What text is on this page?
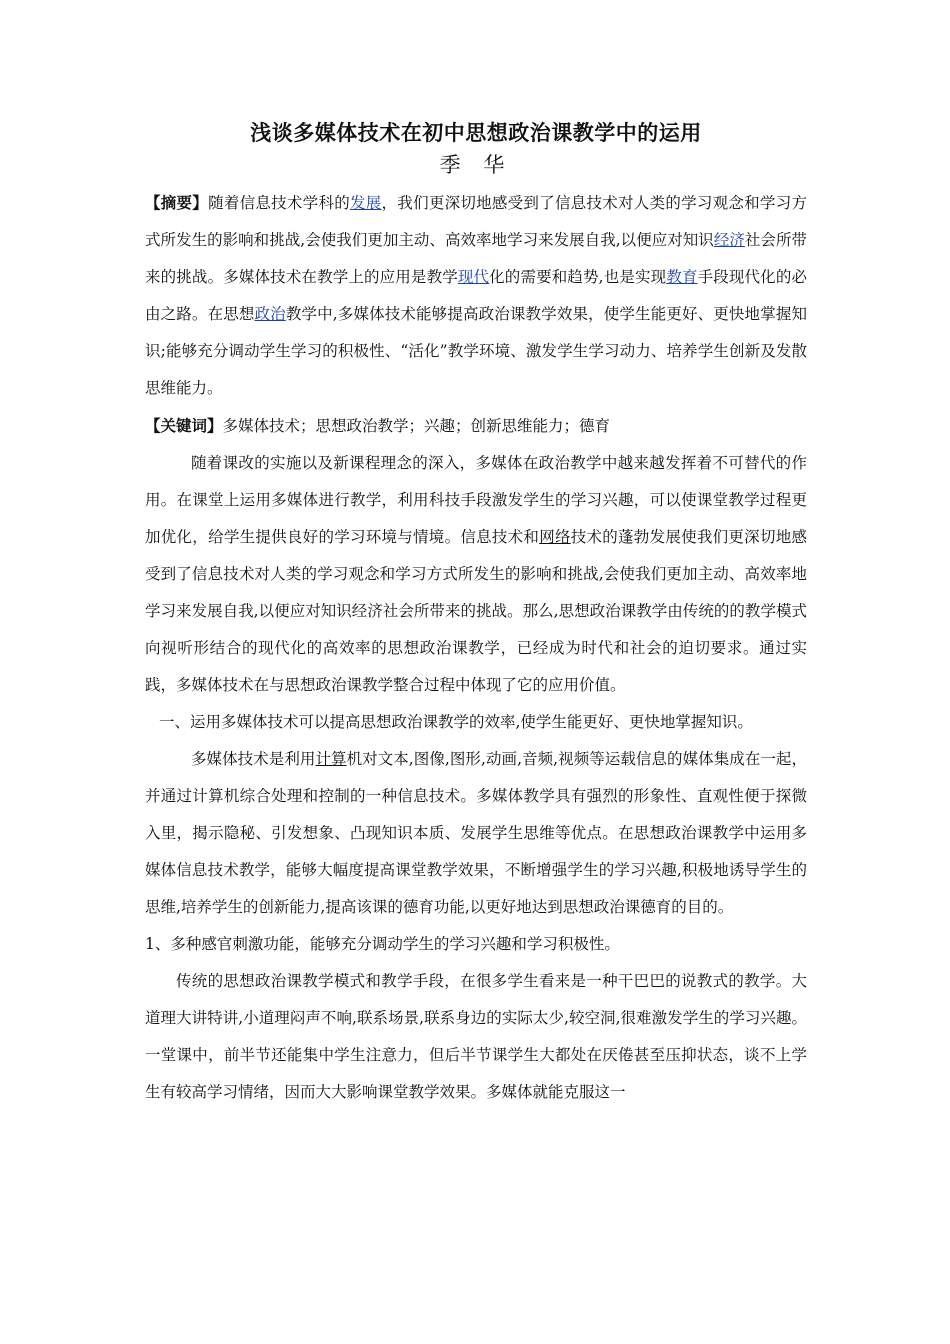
浅谈多媒体技术在初中思想政治课教学中的运用
季 华

【摘要】随着信息技术学科的发展，我们更深切地感受到了信息技术对人类的学习观念和学习方式所发生的影响和挑战,会使我们更加主动、高效率地学习来发展自我,以便应对知识经济社会所带来的挑战。多媒体技术在教学上的应用是教学现代化的需要和趋势,也是实现教育手段现代化的必由之路。在思想政治教学中,多媒体技术能够提高政治课教学效果，使学生能更好、更快地掌握知识;能够充分调动学生学习的积极性、“活化”教学环境、激发学生学习动力、培养学生创新及发散思维能力。

【关键词】多媒体技术；思想政治教学；兴趣；创新思维能力；德育

随着课改的实施以及新课程理念的深入，多媒体在政治教学中越来越发挥着不可替代的作用。在课堂上运用多媒体进行教学，利用科技手段激发学生的学习兴趣，可以使课堂教学过程更加优化，给学生提供良好的学习环境与情境。信息技术和网络技术的蓬勃发展使我们更深切地感受到了信息技术对人类的学习观念和学习方式所发生的影响和挑战,会使我们更加主动、高效率地学习来发展自我,以便应对知识经济社会所带来的挑战。那么,思想政治课教学由传统的的教学模式向视听形结合的现代化的高效率的思想政治课教学，已经成为时代和社会的迫切要求。通过实践，多媒体技术在与思想政治课教学整合过程中体现了它的应用价值。

一、运用多媒体技术可以提高思想政治课教学的效率,使学生能更好、更快地掌握知识。

多媒体技术是利用计算机对文本,图像,图形,动画,音频,视频等运载信息的媒体集成在一起，并通过计算机综合处理和控制的一种信息技术。多媒体教学具有强烈的形象性、直观性便于探微入里，揭示隐秘、引发想象、凸现知识本质、发展学生思维等优点。在思想政治课教学中运用多媒体信息技术教学，能够大幅度提高课堂教学效果，不断增强学生的学习兴趣,积极地诱导学生的思维,培养学生的创新能力,提高该课的德育功能,以更好地达到思想政治课德育的目的。

1、多种感官刺激功能，能够充分调动学生的学习兴趣和学习积极性。

传统的思想政治课教学模式和教学手段，在很多学生看来是一种干巴巴的说教式的教学。大道理大讲特讲,小道理闷声不响,联系场景,联系身边的实际太少,较空洞,很难激发学生的学习兴趣。一堂课中，前半节还能集中学生注意力，但后半节课学生大都处在厌倦甚至压抑状态，谈不上学生有较高学习情绪，因而大大影响课堂教学效果。多媒体就能克服这一
